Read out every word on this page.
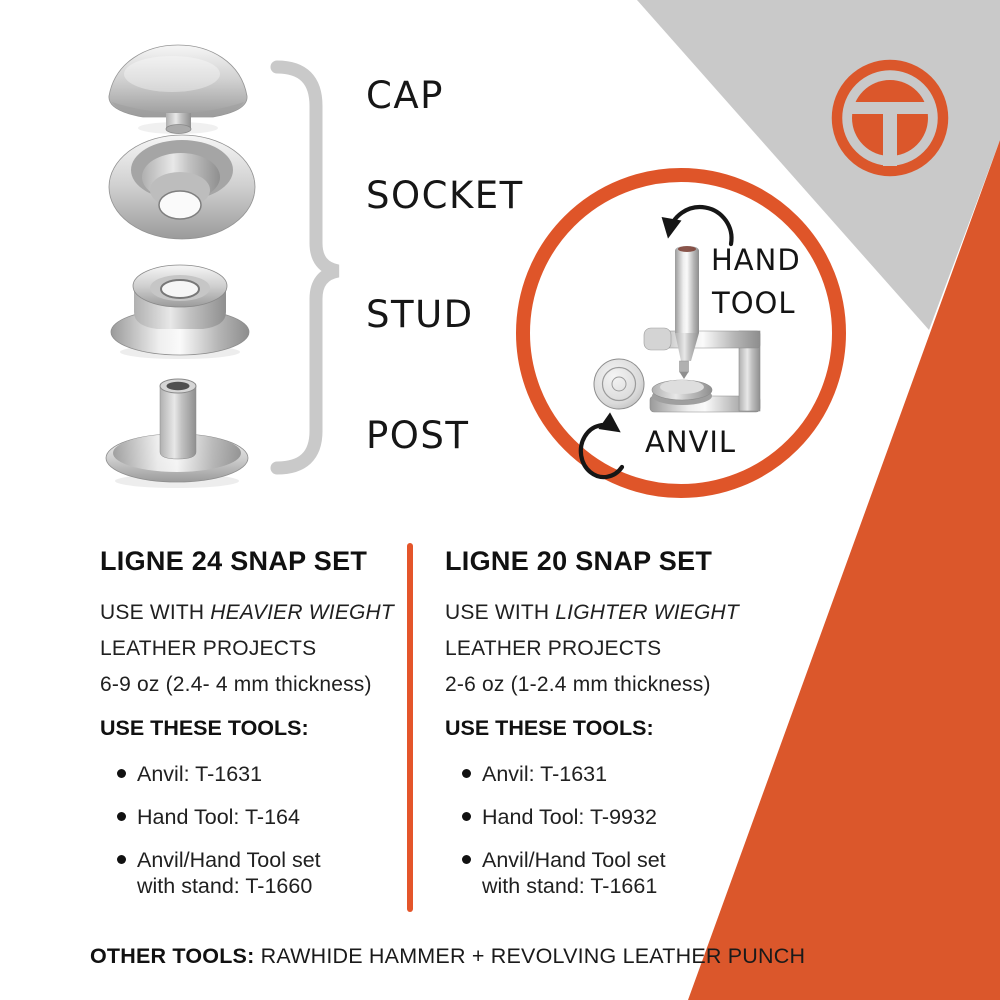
CAP
SOCKET
STUD
POST
HAND
TOOL
ANVIL
LIGNE 24 SNAP SET

USE WITH HEAVIER WIEGHT

LEATHER PROJECTS

6-9 oz (2.4- 4 mm thickness)

USE THESE TOOLS:
Anvil: T-1631
Hand Tool: T-164
Anvil/Hand Tool set
with stand: T-1660
LIGNE 20 SNAP SET

USE WITH LIGHTER WIEGHT

LEATHER PROJECTS

2-6 oz (1-2.4 mm thickness)

USE THESE TOOLS:
Anvil: T-1631
Hand Tool: T-9932
Anvil/Hand Tool set
with stand: T-1661
OTHER TOOLS: RAWHIDE HAMMER + REVOLVING LEATHER PUNCH
